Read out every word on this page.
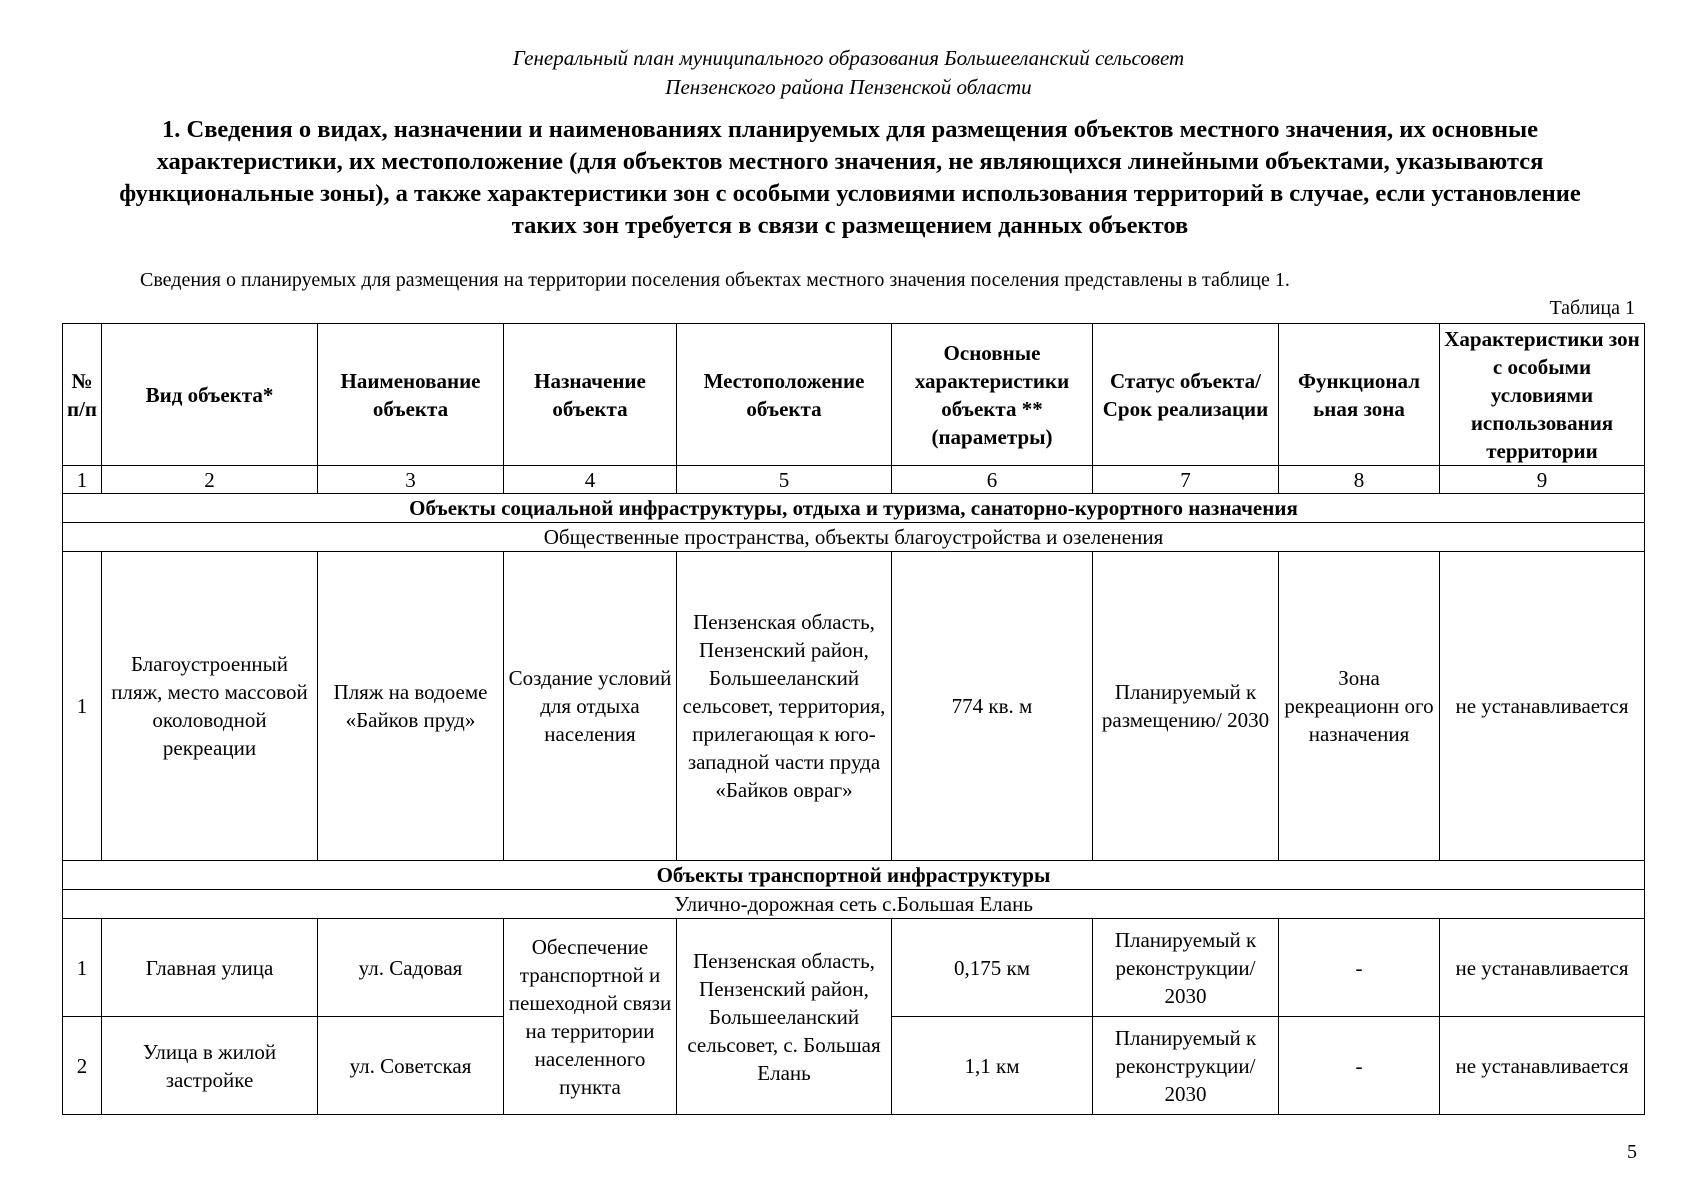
Генеральный план муниципального образования Большееланский сельсовет
Пензенского района Пензенской области
1. Сведения о видах, назначении и наименованиях планируемых для размещения объектов местного значения, их основные характеристики, их местоположение (для объектов местного значения, не являющихся линейными объектами, указываются функциональные зоны), а также характеристики зон с особыми условиями использования территорий в случае, если установление таких зон требуется в связи с размещением данных объектов
Сведения о планируемых для размещения на территории поселения объектах местного значения поселения представлены в таблице 1.
Таблица 1
№ п/п	Вид объекта*	Наименование объекта	Назначение объекта	Местоположение объекта	Основные характеристики объекта ** (параметры)	Статус объекта/ Срок реализации	Функционал ьная зона	Характеристики зон с особыми условиями использования территории
1	2	3	4	5	6	7	8	9
Объекты социальной инфраструктуры, отдыха и туризма, санаторно-курортного назначения								
Общественные пространства, объекты благоустройства и озеленения								
1	Благоустроенный пляж, место массовой околоводной рекреации	Пляж на водоеме «Байков пруд»	Создание условий для отдыха населения	Пензенская область, Пензенский район, Большееланский сельсовет, территория, прилегающая к юго-западной части пруда «Байков овраг»	774 кв. м	Планируемый к размещению/ 2030	Зона рекреационн ого назначения	не устанавливается
Объекты транспортной инфраструктуры								
Улично-дорожная сеть с.Большая Елань								
1	Главная улица	ул. Садовая	Обеспечение транспортной и пешеходной связи на территории населенного пункта	Пензенская область, Пензенский район, Большееланский сельсовет, с. Большая Елань	0,175 км	Планируемый к реконструкции/ 2030	-	не устанавливается
2	Улица в жилой застройке	ул. Советская			1,1 км	Планируемый к реконструкции/ 2030	-	не устанавливается
5
